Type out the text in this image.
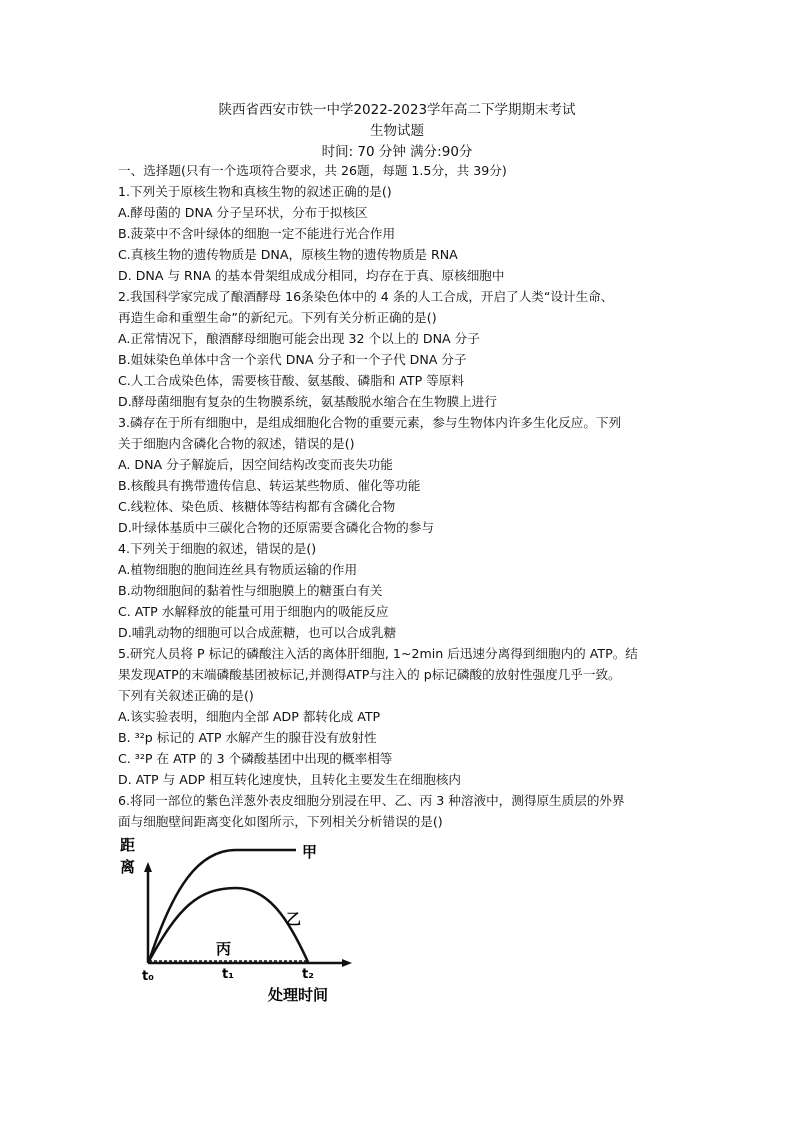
陕西省西安市铁一中学2022-2023学年高二下学期期末考试
生物试题
时间: 70 分钟 满分:90分
一、选择题(只有一个选项符合要求，共 26题，每题 1.5分，共 39分)
1.下列关于原核生物和真核生物的叙述正确的是()
A.酵母菌的 DNA 分子呈环状，分布于拟核区
B.菠菜中不含叶绿体的细胞一定不能进行光合作用
C.真核生物的遗传物质是 DNA，原核生物的遗传物质是 RNA
D. DNA 与 RNA 的基本骨架组成成分相同，均存在于真、原核细胞中
2.我国科学家完成了酿酒酵母 16条染色体中的 4 条的人工合成，开启了人类“设计生命、
再造生命和重塑生命”的新纪元。下列有关分析正确的是()
A.正常情况下，酿酒酵母细胞可能会出现 32 个以上的 DNA 分子
B.姐妹染色单体中含一个亲代 DNA 分子和一个子代 DNA 分子
C.人工合成染色体，需要核苷酸、氨基酸、磷脂和 ATP 等原料
D.酵母菌细胞有复杂的生物膜系统，氨基酸脱水缩合在生物膜上进行
3.磷存在于所有细胞中，是组成细胞化合物的重要元素，参与生物体内许多生化反应。下列
关于细胞内含磷化合物的叙述，错误的是()
A. DNA 分子解旋后，因空间结构改变而丧失功能
B.核酸具有携带遗传信息、转运某些物质、催化等功能
C.线粒体、染色质、核糖体等结构都有含磷化合物
D.叶绿体基质中三碳化合物的还原需要含磷化合物的参与
4.下列关于细胞的叙述，错误的是()
A.植物细胞的胞间连丝具有物质运输的作用
B.动物细胞间的黏着性与细胞膜上的糖蛋白有关
C. ATP 水解释放的能量可用于细胞内的吸能反应
D.哺乳动物的细胞可以合成蔗糖，也可以合成乳糖
5.研究人员将 P 标记的磷酸注入活的离体肝细胞, 1~2min 后迅速分离得到细胞内的 ATP。结
果发现ATP的末端磷酸基团被标记,并测得ATP与注入的 p标记磷酸的放射性强度几乎一致。
下列有关叙述正确的是()
A.该实验表明，细胞内全部 ADP 都转化成 ATP
B. ³²p 标记的 ATP 水解产生的腺苷没有放射性
C. ³²P 在 ATP 的 3 个磷酸基团中出现的概率相等
D. ATP 与 ADP 相互转化速度快，且转化主要发生在细胞核内
6.将同一部位的紫色洋葱外表皮细胞分别浸在甲、乙、丙 3 种溶液中，测得原生质层的外界
面与细胞壁间距离变化如图所示，下列相关分析错误的是()
距
离
甲
乙
丙
t₀	t₁	t₂
处理时间
